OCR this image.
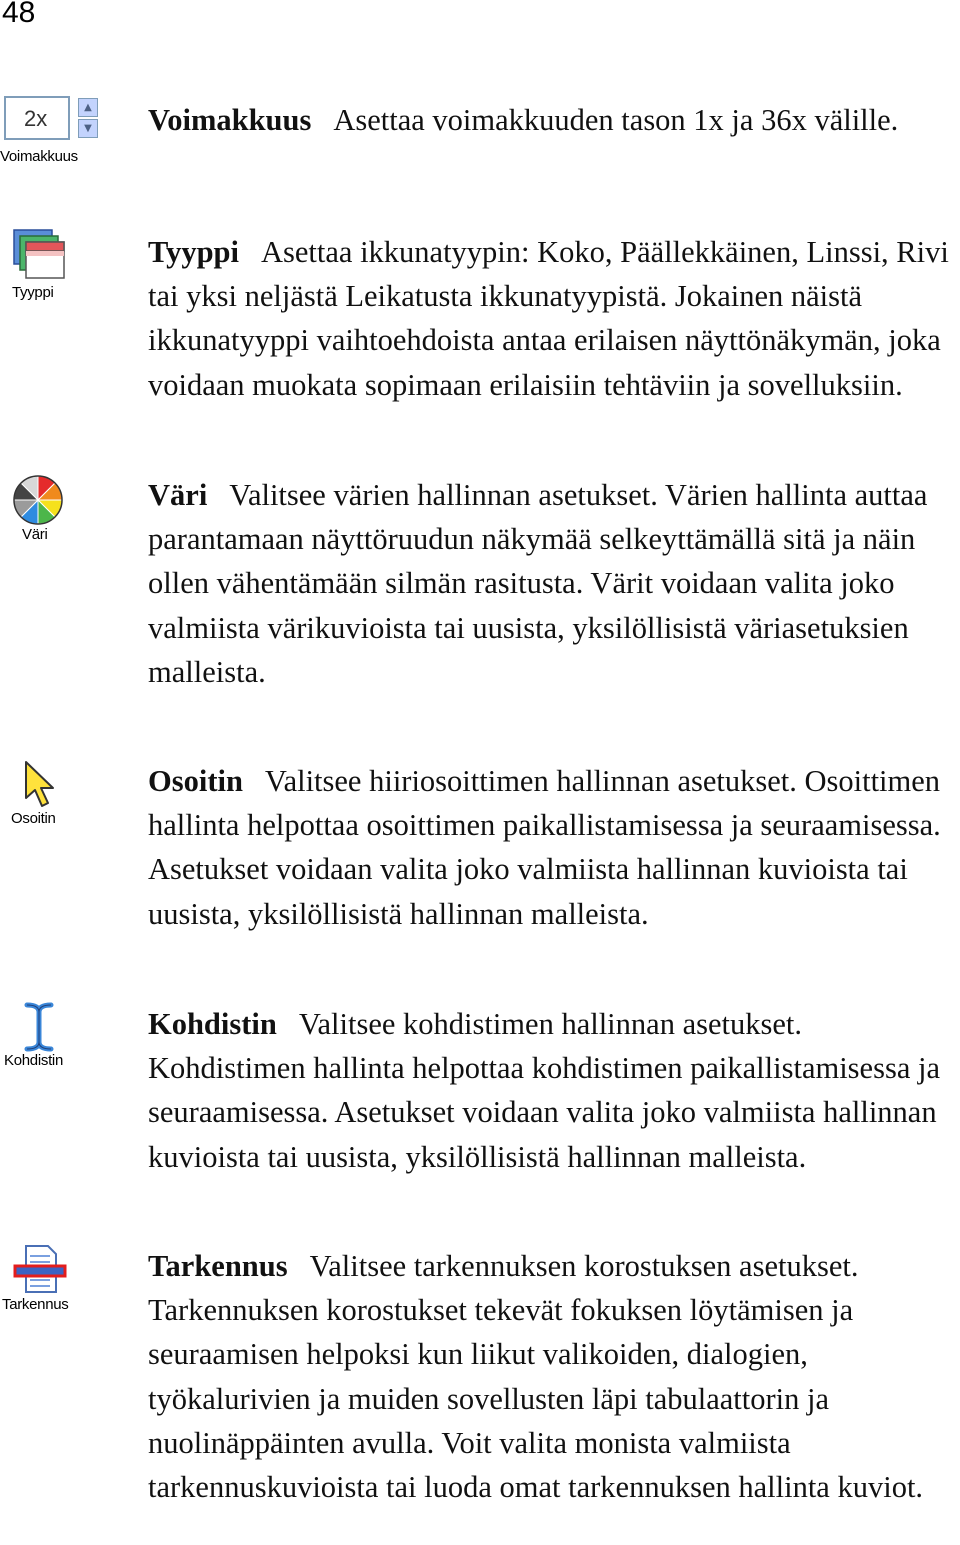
48
2x	▲
▼
Voimakkuus
Tyyppi
Väri
Osoitin
Kohdistin
Tarkennus
Voimakkuus Asettaa voimakkuuden tason 1x ja 36x välille.
Tyyppi Asettaa ikkunatyypin: Koko, Päällekkäinen, Linssi, Rivi tai yksi neljästä Leikatusta ikkunatyypistä. Jokainen näistä ikkunatyyppi vaihtoehdoista antaa erilaisen näyttönäkymän, joka voidaan muokata sopimaan erilaisiin tehtäviin ja sovelluksiin.
Väri Valitsee värien hallinnan asetukset. Värien hallinta auttaa parantamaan näyttöruudun näkymää selkeyttämällä sitä ja näin ollen vähentämään silmän rasitusta. Värit voidaan valita joko valmiista värikuvioista tai uusista, yksilöllisistä väriasetuksien malleista.
Osoitin Valitsee hiiriosoittimen hallinnan asetukset. Osoittimen hallinta helpottaa osoittimen paikallistamisessa ja seuraamisessa. Asetukset voidaan valita joko valmiista hallinnan kuvioista tai uusista, yksilöllisistä hallinnan malleista.
Kohdistin Valitsee kohdistimen hallinnan asetukset. Kohdistimen hallinta helpottaa kohdistimen paikallistamisessa ja seuraamisessa. Asetukset voidaan valita joko valmiista hallinnan kuvioista tai uusista, yksilöllisistä hallinnan malleista.
Tarkennus Valitsee tarkennuksen korostuksen asetukset. Tarkennuksen korostukset tekevät fokuksen löytämisen ja seuraamisen helpoksi kun liikut valikoiden, dialogien, työkalurivien ja muiden sovellusten läpi tabulaattorin ja nuolinäppäinten avulla. Voit valita monista valmiista tarkennuskuvioista tai luoda omat tarkennuksen hallinta kuviot.
